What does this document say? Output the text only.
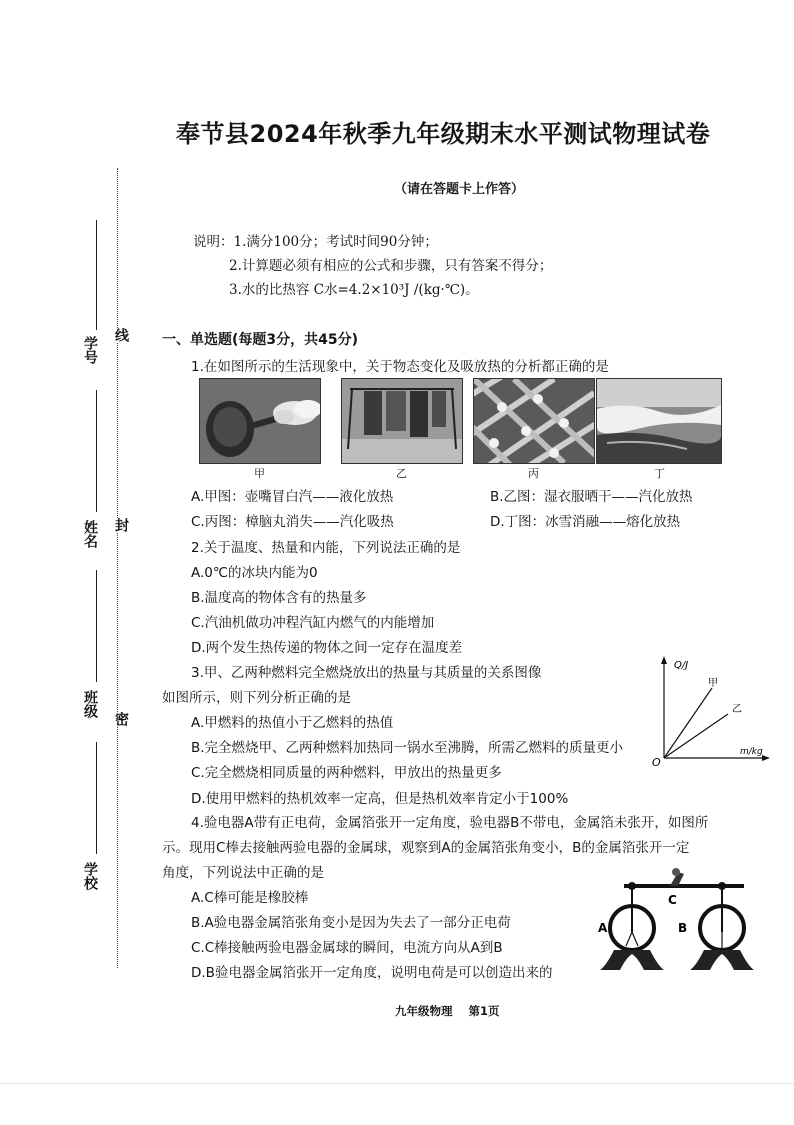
奉节县2024年秋季九年级期末水平测试物理试卷
（请在答题卡上作答）
说明：1.满分100分；考试时间90分钟；
2.计算题必须有相应的公式和步骤，只有答案不得分；
3.水的比热容 C水=4.2×10³J /(kg·℃)。
学号
姓名
班级
学校
线
封
密
一、单选题(每题3分，共45分)
1.在如图所示的生活现象中，关于物态变化及吸放热的分析都正确的是
甲	乙	丙	丁
A.甲图：壶嘴冒白汽——液化放热	B.乙图：湿衣服晒干——汽化放热
C.丙图：樟脑丸消失——汽化吸热	D.丁图：冰雪消融——熔化放热
2.关于温度、热量和内能，下列说法正确的是
A.0℃的冰块内能为0
B.温度高的物体含有的热量多
C.汽油机做功冲程汽缸内燃气的内能增加
D.两个发生热传递的物体之间一定存在温度差
3.甲、乙两种燃料完全燃烧放出的热量与其质量的关系图像
如图所示，则下列分析正确的是
A.甲燃料的热值小于乙燃料的热值
B.完全燃烧甲、乙两种燃料加热同一锅水至沸腾，所需乙燃料的质量更小
C.完全燃烧相同质量的两种燃料，甲放出的热量更多
D.使用甲燃料的热机效率一定高，但是热机效率肯定小于100%
Q/J
m/kg
O
甲
乙
4.验电器A带有正电荷，金属箔张开一定角度，验电器B不带电，金属箔未张开，如图所
示。现用C棒去接触两验电器的金属球，观察到A的金属箔张角变小，B的金属箔张开一定
角度，下列说法中正确的是
A.C棒可能是橡胶棒
B.A验电器金属箔张角变小是因为失去了一部分正电荷
C.C棒接触两验电器金属球的瞬间，电流方向从A到B
D.B验电器金属箔张开一定角度，说明电荷是可以创造出来的
C
A	B
九年级物理 第1页
